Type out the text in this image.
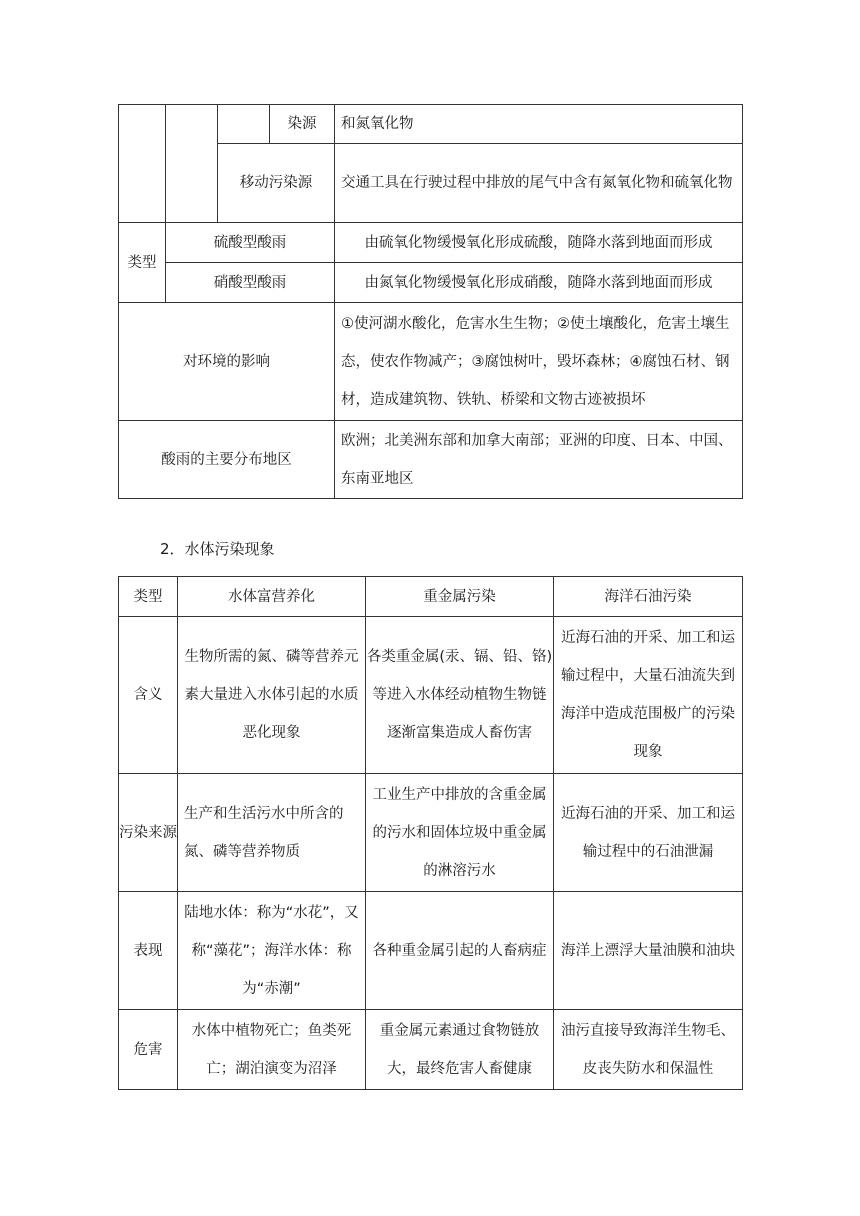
			染源	和氮氧化物
		移动污染源		交通工具在行驶过程中排放的尾气中含有氮氧化物和硫氧化物
类型	硫酸型酸雨			由硫氧化物缓慢氧化形成硫酸，随降水落到地面而形成
	硝酸型酸雨			由氮氧化物缓慢氧化形成硝酸，随降水落到地面而形成
对环境的影响				①使河湖水酸化，危害水生生物；②使土壤酸化，危害土壤生态，使农作物减产；③腐蚀树叶，毁坏森林；④腐蚀石材、钢材，造成建筑物、铁轨、桥梁和文物古迹被损坏
酸雨的主要分布地区				欧洲；北美洲东部和加拿大南部；亚洲的印度、日本、中国、东南亚地区
2．水体污染现象
类型	水体富营养化	重金属污染	海洋石油污染
含义	生物所需的氮、磷等营养元素大量进入水体引起的水质恶化现象	各类重金属(汞、镉、铅、铬)等进入水体经动植物生物链逐渐富集造成人畜伤害	近海石油的开采、加工和运输过程中，大量石油流失到海洋中造成范围极广的污染现象
污染来源	生产和生活污水中所含的氮、磷等营养物质	工业生产中排放的含重金属的污水和固体垃圾中重金属的淋溶污水	近海石油的开采、加工和运输过程中的石油泄漏
表现	陆地水体：称为“水花”，又称“藻花”；海洋水体：称为“赤潮”	各种重金属引起的人畜病症	海洋上漂浮大量油膜和油块
危害	水体中植物死亡；鱼类死亡；湖泊演变为沼泽	重金属元素通过食物链放大，最终危害人畜健康	油污直接导致海洋生物毛、皮丧失防水和保温性
